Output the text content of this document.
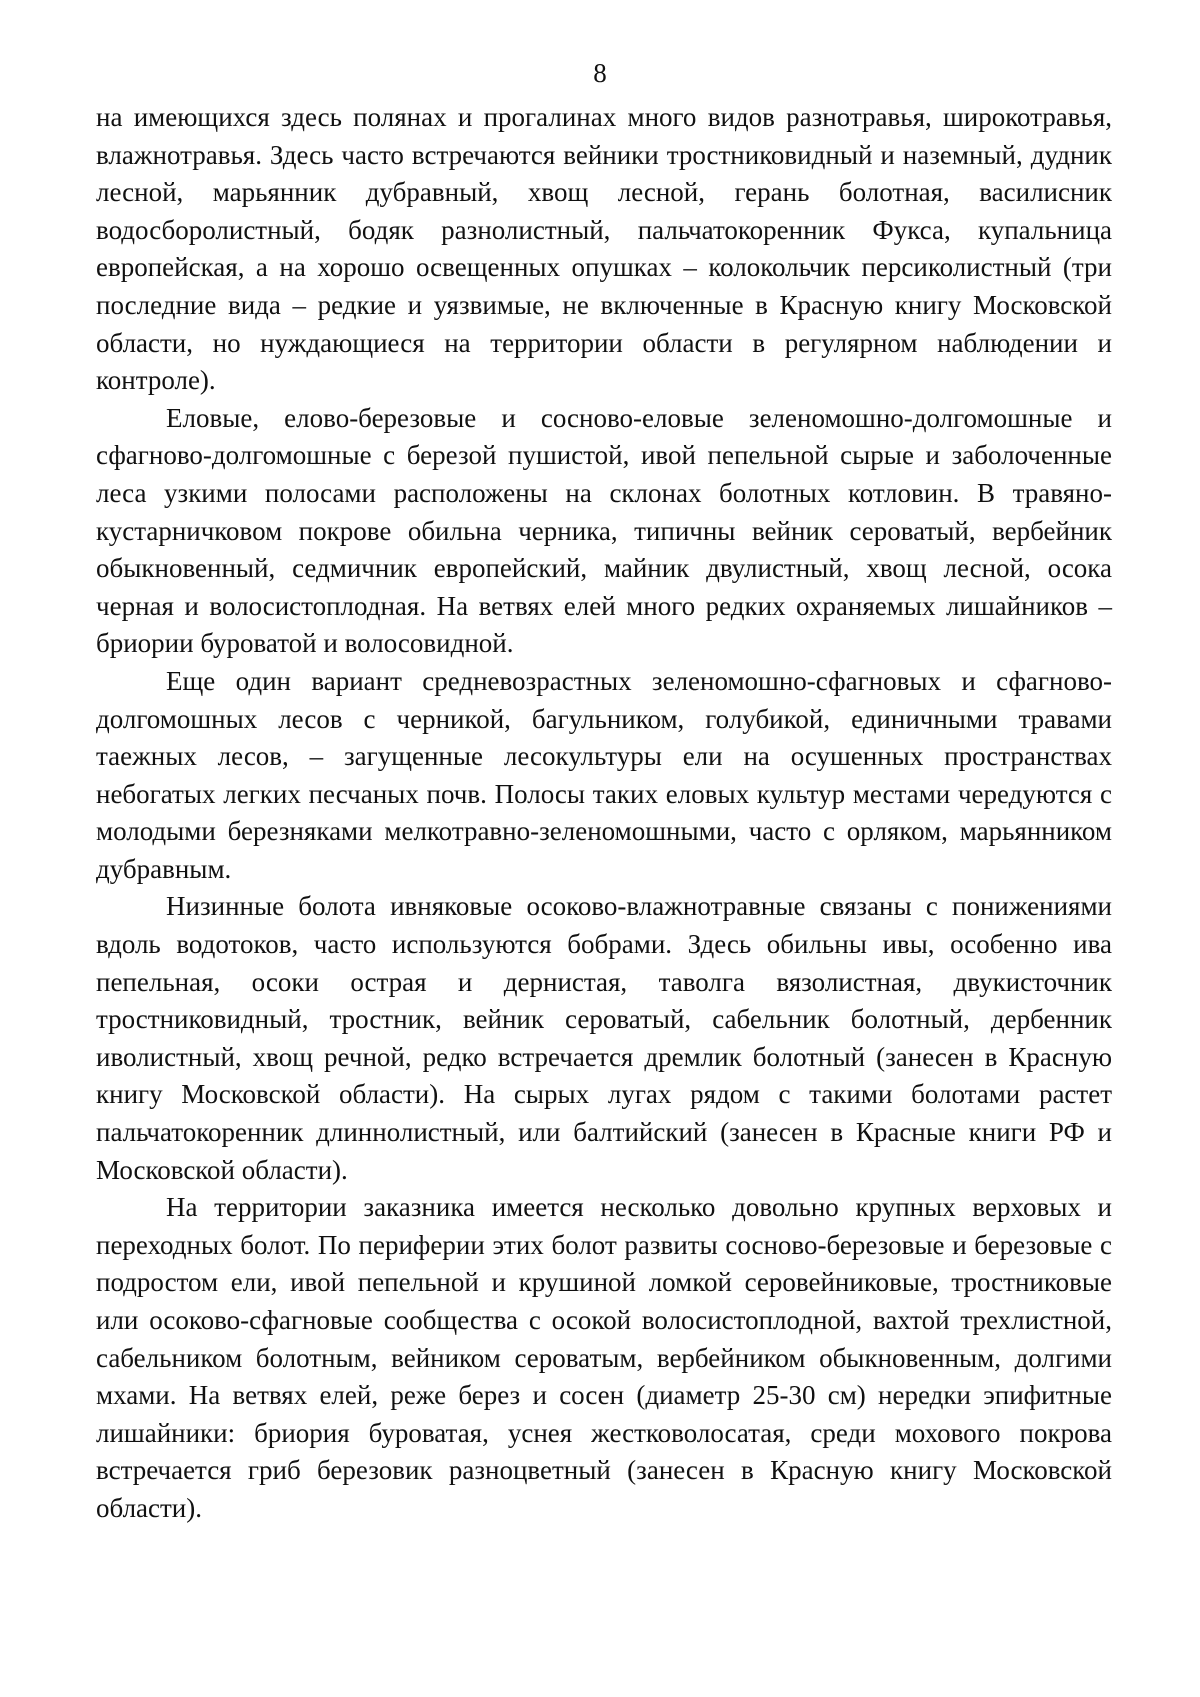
8

на имеющихся здесь полянах и прогалинах много видов разнотравья, широкотравья, влажнотравья. Здесь часто встречаются вейники тростниковидный и наземный, дудник лесной, марьянник дубравный, хвощ лесной, герань болотная, василисник водосборолистный, бодяк разнолистный, пальчатокоренник Фукса, купальница европейская, а на хорошо освещенных опушках – колокольчик персиколистный (три последние вида – редкие и уязвимые, не включенные в Красную книгу Московской области, но нуждающиеся на территории области в регулярном наблюдении и контроле).

Еловые, елово-березовые и сосново-еловые зеленомошно-долгомошные и сфагново-долгомошные с березой пушистой, ивой пепельной сырые и заболоченные леса узкими полосами расположены на склонах болотных котловин. В травяно-кустарничковом покрове обильна черника, типичны вейник сероватый, вербейник обыкновенный, седмичник европейский, майник двулистный, хвощ лесной, осока черная и волосистоплодная. На ветвях елей много редких охраняемых лишайников – бриории буроватой и волосовидной.

Еще один вариант средневозрастных зеленомошно-сфагновых и сфагново-долгомошных лесов с черникой, багульником, голубикой, единичными травами таежных лесов, – загущенные лесокультуры ели на осушенных пространствах небогатых легких песчаных почв. Полосы таких еловых культур местами чередуются с молодыми березняками мелкотравно-зеленомошными, часто с орляком, марьянником дубравным.

Низинные болота ивняковые осоково-влажнотравные связаны с понижениями вдоль водотоков, часто используются бобрами. Здесь обильны ивы, особенно ива пепельная, осоки острая и дернистая, таволга вязолистная, двукисточник тростниковидный, тростник, вейник сероватый, сабельник болотный, дербенник иволистный, хвощ речной, редко встречается дремлик болотный (занесен в Красную книгу Московской области). На сырых лугах рядом с такими болотами растет пальчатокоренник длиннолистный, или балтийский (занесен в Красные книги РФ и Московской области).

На территории заказника имеется несколько довольно крупных верховых и переходных болот. По периферии этих болот развиты сосново-березовые и березовые с подростом ели, ивой пепельной и крушиной ломкой серовейниковые, тростниковые или осоково-сфагновые сообщества с осокой волосистоплодной, вахтой трехлистной, сабельником болотным, вейником сероватым, вербейником обыкновенным, долгими мхами. На ветвях елей, реже берез и сосен (диаметр 25-30 см) нередки эпифитные лишайники: бриория буроватая, уснея жестковолосатая, среди мохового покрова встречается гриб березовик разноцветный (занесен в Красную книгу Московской области).
